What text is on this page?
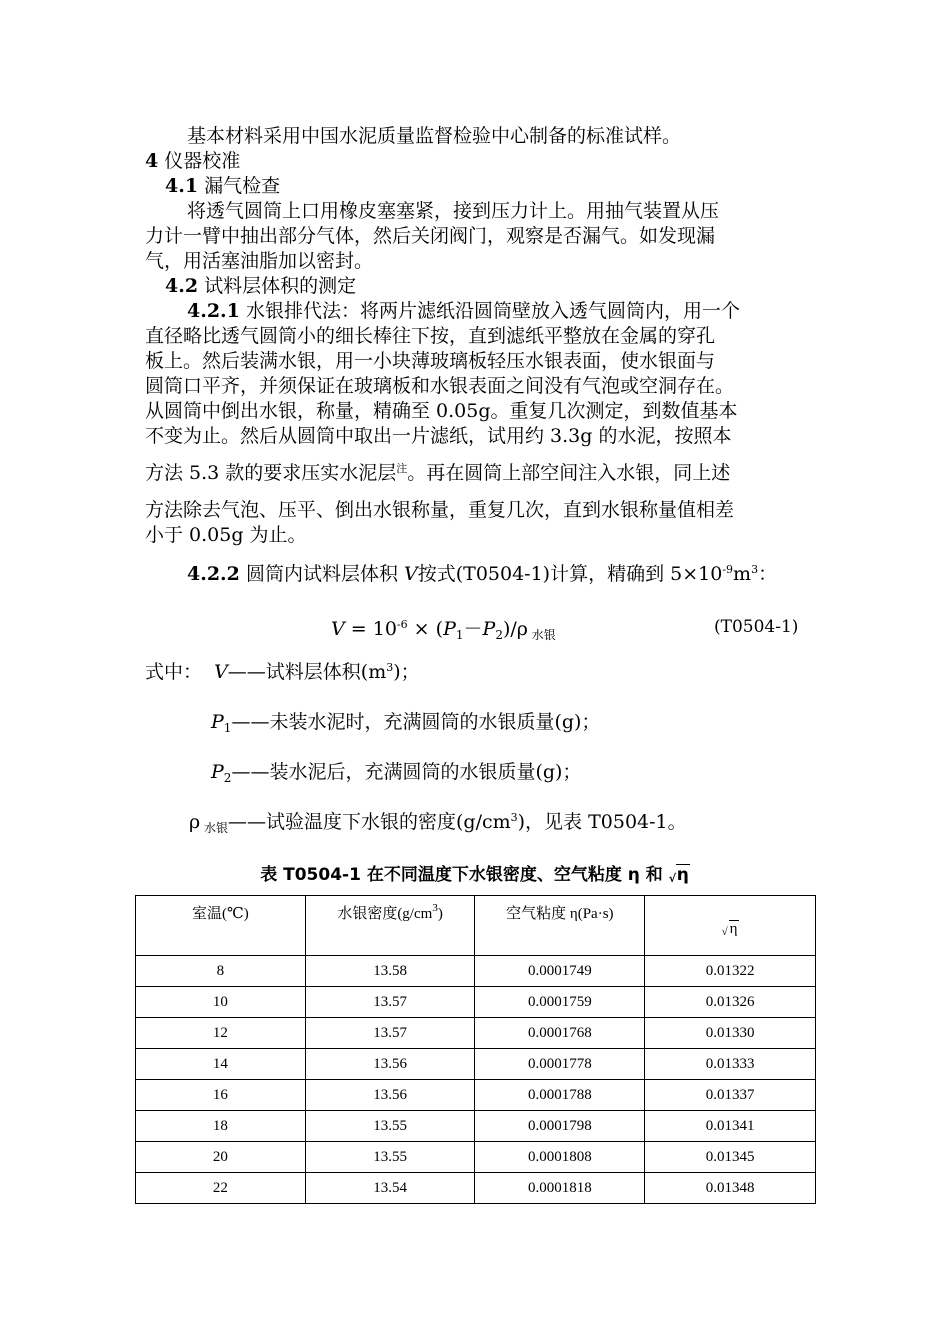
基本材料采用中国水泥质量监督检验中心制备的标准试样。
4 仪器校准
4.1 漏气检查
将透气圆筒上口用橡皮塞塞紧，接到压力计上。用抽气装置从压
力计一臂中抽出部分气体，然后关闭阀门，观察是否漏气。如发现漏
气，用活塞油脂加以密封。
4.2 试料层体积的测定
4.2.1 水银排代法：将两片滤纸沿圆筒壁放入透气圆筒内，用一个
直径略比透气圆筒小的细长棒往下按，直到滤纸平整放在金属的穿孔
板上。然后装满水银，用一小块薄玻璃板轻压水银表面，使水银面与
圆筒口平齐，并须保证在玻璃板和水银表面之间没有气泡或空洞存在。
从圆筒中倒出水银，称量，精确至 0.05g。重复几次测定，到数值基本
不变为止。然后从圆筒中取出一片滤纸，试用约 3.3g 的水泥，按照本
方法 5.3 款的要求压实水泥层$^注$。再在圆筒上部空间注入水银，同上述
方法除去气泡、压平、倒出水银称量，重复几次，直到水银称量值相差
小于 0.05g 为止。
4.2.2 圆筒内试料层体积 V按式(T0504-1)计算，精确到 $5\times 10^{-9}m^3$：
$V = 10^{-6} \times (P_1-P_2)/\rho$ $_{水银}$	(T0504-1)
式中： V——试料层体积$(m^3)$；
$P_1——$未装水泥时，充满圆筒的水银质量(g)；
$P_2——$装水泥后，充满圆筒的水银质量(g)；
ρ $_{水银}$——试验温度下水银的密度$(g/cm^3)$，见表 T0504-1。
表 T0504-1 在不同温度下水银密度、空气粘度 η 和 √ η
室温(℃)	水银密度$(g/cm^3)$	空气粘度 η(Pa·s)	√ η
8	13.58	0.0001749	0.01322
10	13.57	0.0001759	0.01326
12	13.57	0.0001768	0.01330
14	13.56	0.0001778	0.01333
16	13.56	0.0001788	0.01337
18	13.55	0.0001798	0.01341
20	13.55	0.0001808	0.01345
22	13.54	0.0001818	0.01348
